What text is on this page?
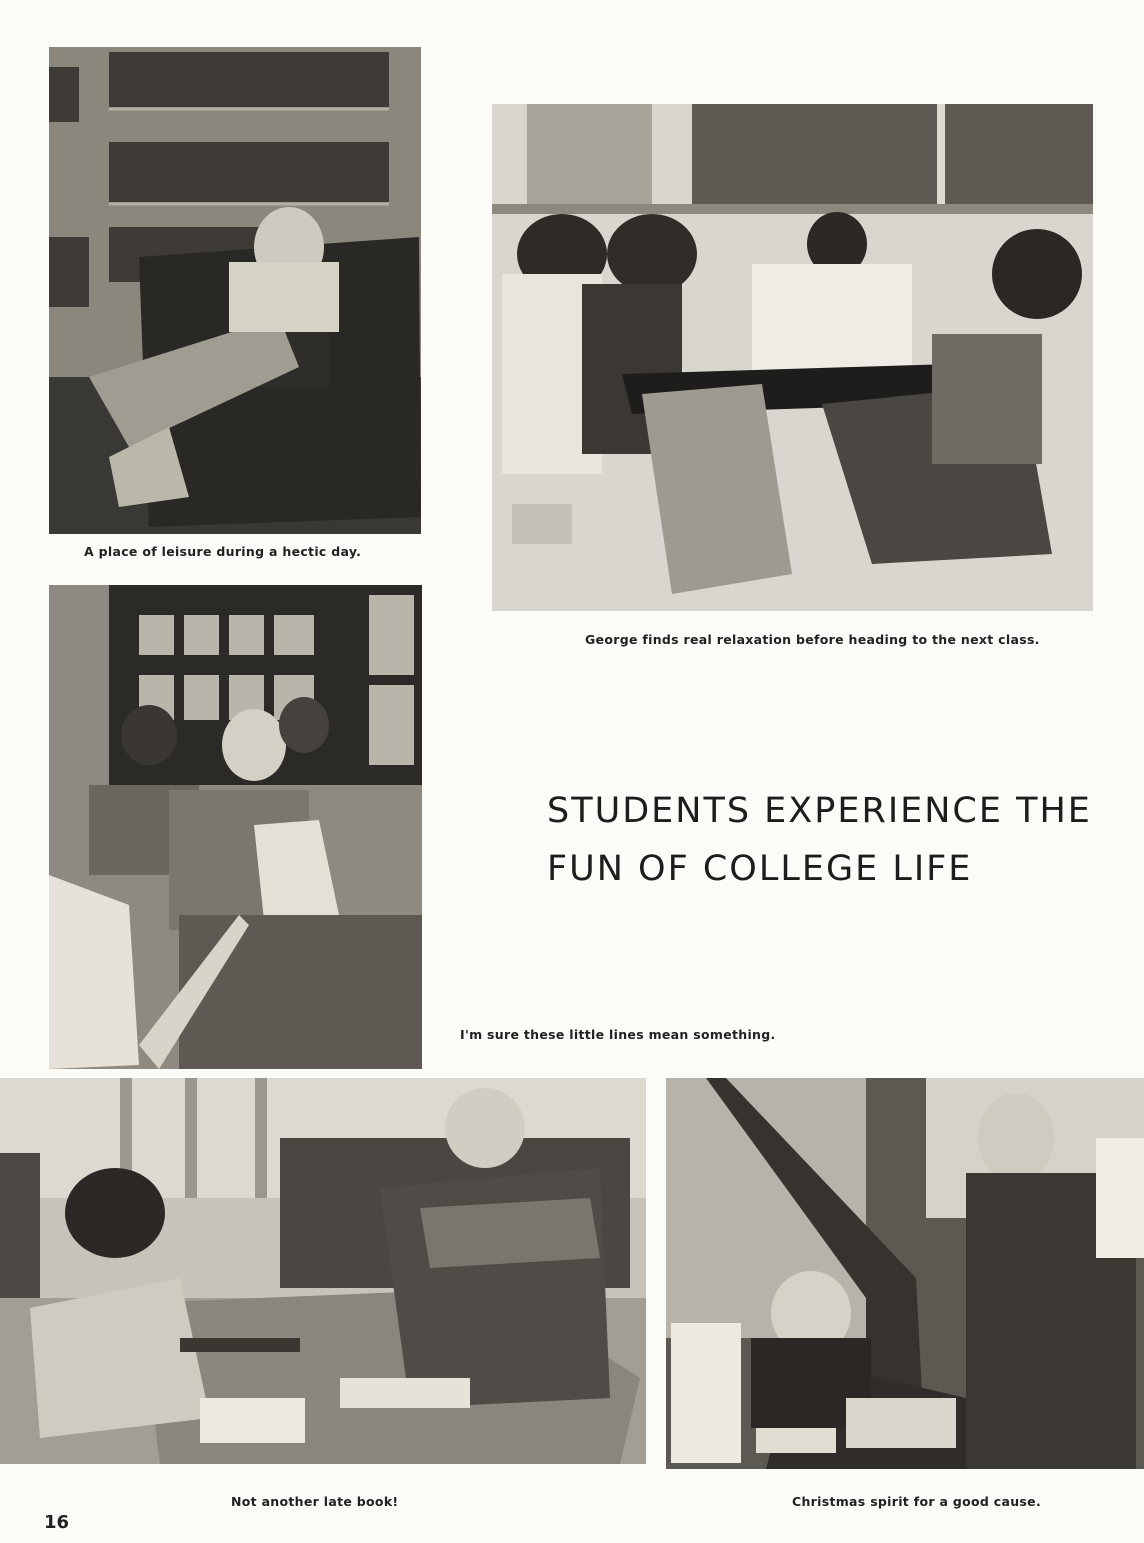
A place of leisure during a hectic day.
George finds real relaxation before heading to the next class.
I'm sure these little lines mean something.
STUDENTS EXPERIENCE THE
FUN OF COLLEGE LIFE
Not another late book!	Christmas spirit for a good cause.
16
